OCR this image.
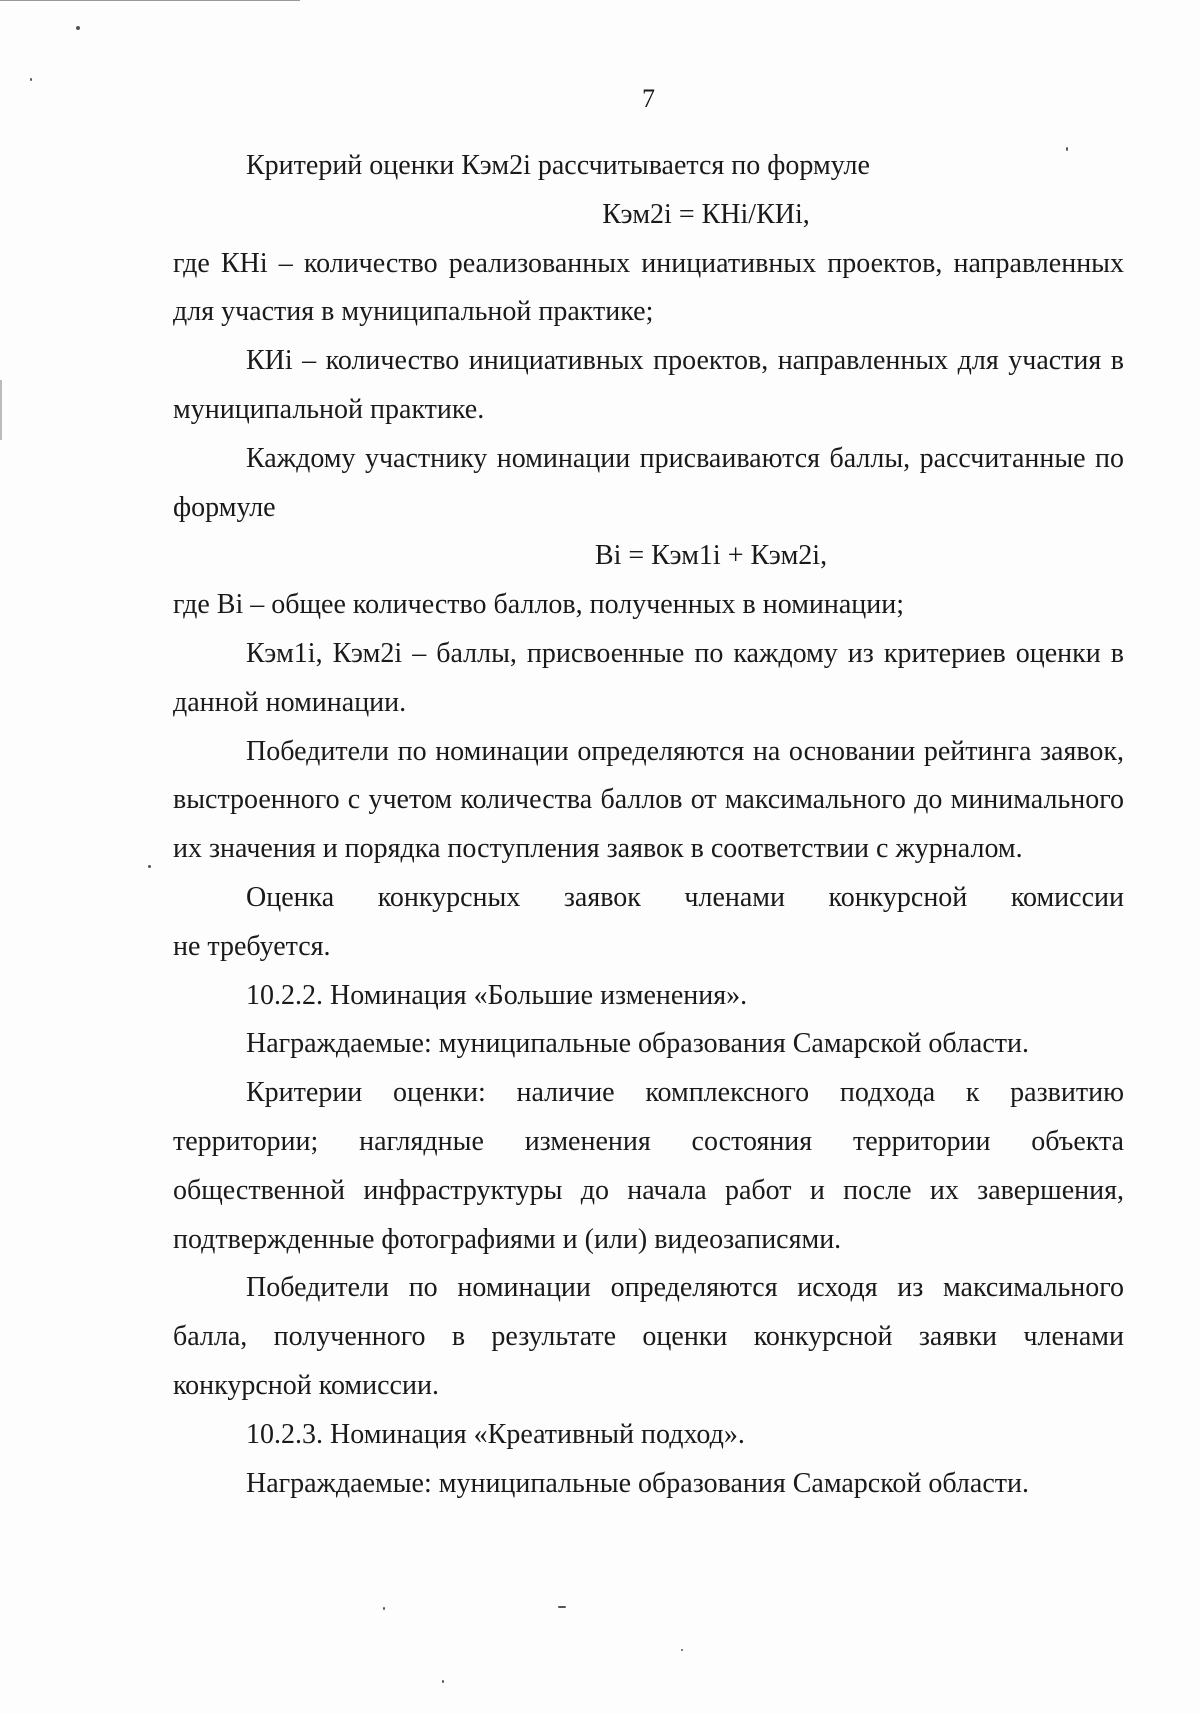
7

Критерий оценки Кэм2i рассчитывается по формуле

Кэм2i = КНi/КИi,

где КНi – количество реализованных инициативных проектов, направленных для участия в муниципальной практике;

КИi – количество инициативных проектов, направленных для участия в муниципальной практике.

Каждому участнику номинации присваиваются баллы, рассчитанные по формуле

Вi = Кэм1i + Кэм2i,

где Вi – общее количество баллов, полученных в номинации;

Кэм1i, Кэм2i – баллы, присвоенные по каждому из критериев оценки в данной номинации.

Победители по номинации определяются на основании рейтинга заявок, выстроенного с учетом количества баллов от максимального до минимального их значения и порядка поступления заявок в соответствии с журналом.

Оценка конкурсных заявок членами конкурсной комиссии

не требуется.

10.2.2. Номинация «Большие изменения».

Награждаемые: муниципальные образования Самарской области.

Критерии оценки: наличие комплексного подхода к развитию территории; наглядные изменения состояния территории объекта общественной инфраструктуры до начала работ и после их завершения, подтвержденные фотографиями и (или) видеозаписями.

Победители по номинации определяются исходя из максимального балла, полученного в результате оценки конкурсной заявки членами конкурсной комиссии.

10.2.3. Номинация «Креативный подход».

Награждаемые: муниципальные образования Самарской области.
